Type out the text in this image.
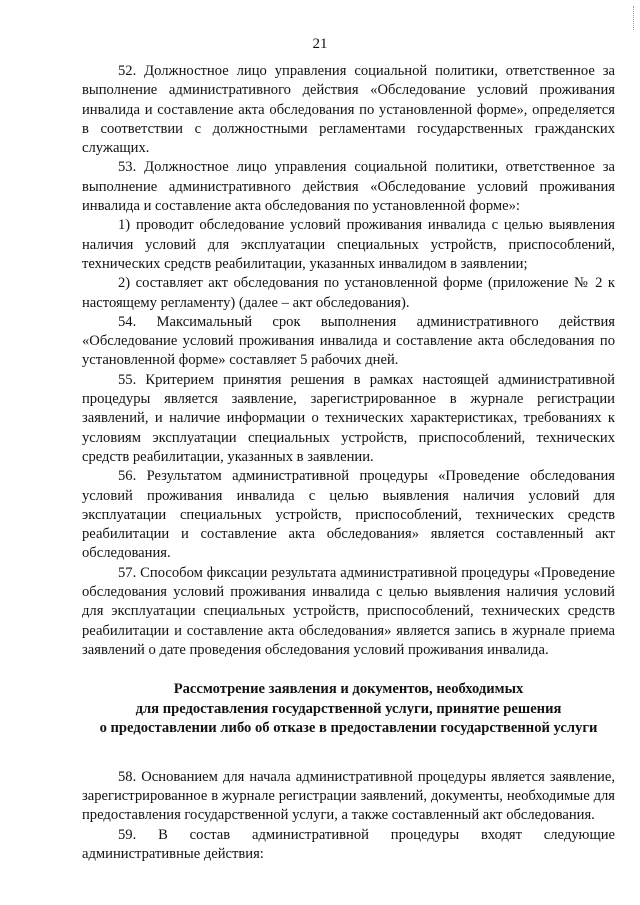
21

52. Должностное лицо управления социальной политики, ответственное за выполнение административного действия «Обследование условий проживания инвалида и составление акта обследования по установленной форме», определяется в соответствии с должностными регламентами государственных гражданских служащих.

53. Должностное лицо управления социальной политики, ответственное за выполнение административного действия «Обследование условий проживания инвалида и составление акта обследования по установленной форме»:

1) проводит обследование условий проживания инвалида с целью выявления наличия условий для эксплуатации специальных устройств, приспособлений, технических средств реабилитации, указанных инвалидом в заявлении;

2) составляет акт обследования по установленной форме (приложение № 2 к настоящему регламенту) (далее – акт обследования).

54. Максимальный срок выполнения административного действия «Обследование условий проживания инвалида и составление акта обследования по установленной форме» составляет 5 рабочих дней.

55. Критерием принятия решения в рамках настоящей административной процедуры является заявление, зарегистрированное в журнале регистрации заявлений, и наличие информации о технических характеристиках, требованиях к условиям эксплуатации специальных устройств, приспособлений, технических средств реабилитации, указанных в заявлении.

56. Результатом административной процедуры «Проведение обследования условий проживания инвалида с целью выявления наличия условий для эксплуатации специальных устройств, приспособлений, технических средств реабилитации и составление акта обследования» является составленный акт обследования.

57. Способом фиксации результата административной процедуры «Проведение обследования условий проживания инвалида с целью выявления наличия условий для эксплуатации специальных устройств, приспособлений, технических средств реабилитации и составление акта обследования» является запись в журнале приема заявлений о дате проведения обследования условий проживания инвалида.

Рассмотрение заявления и документов, необходимых
для предоставления государственной услуги, принятие решения
о предоставлении либо об отказе в предоставлении государственной услуги

58. Основанием для начала административной процедуры является заявление, зарегистрированное в журнале регистрации заявлений, документы, необходимые для предоставления государственной услуги, а также составленный акт обследования.

59. В состав административной процедуры входят следующие административные действия:
